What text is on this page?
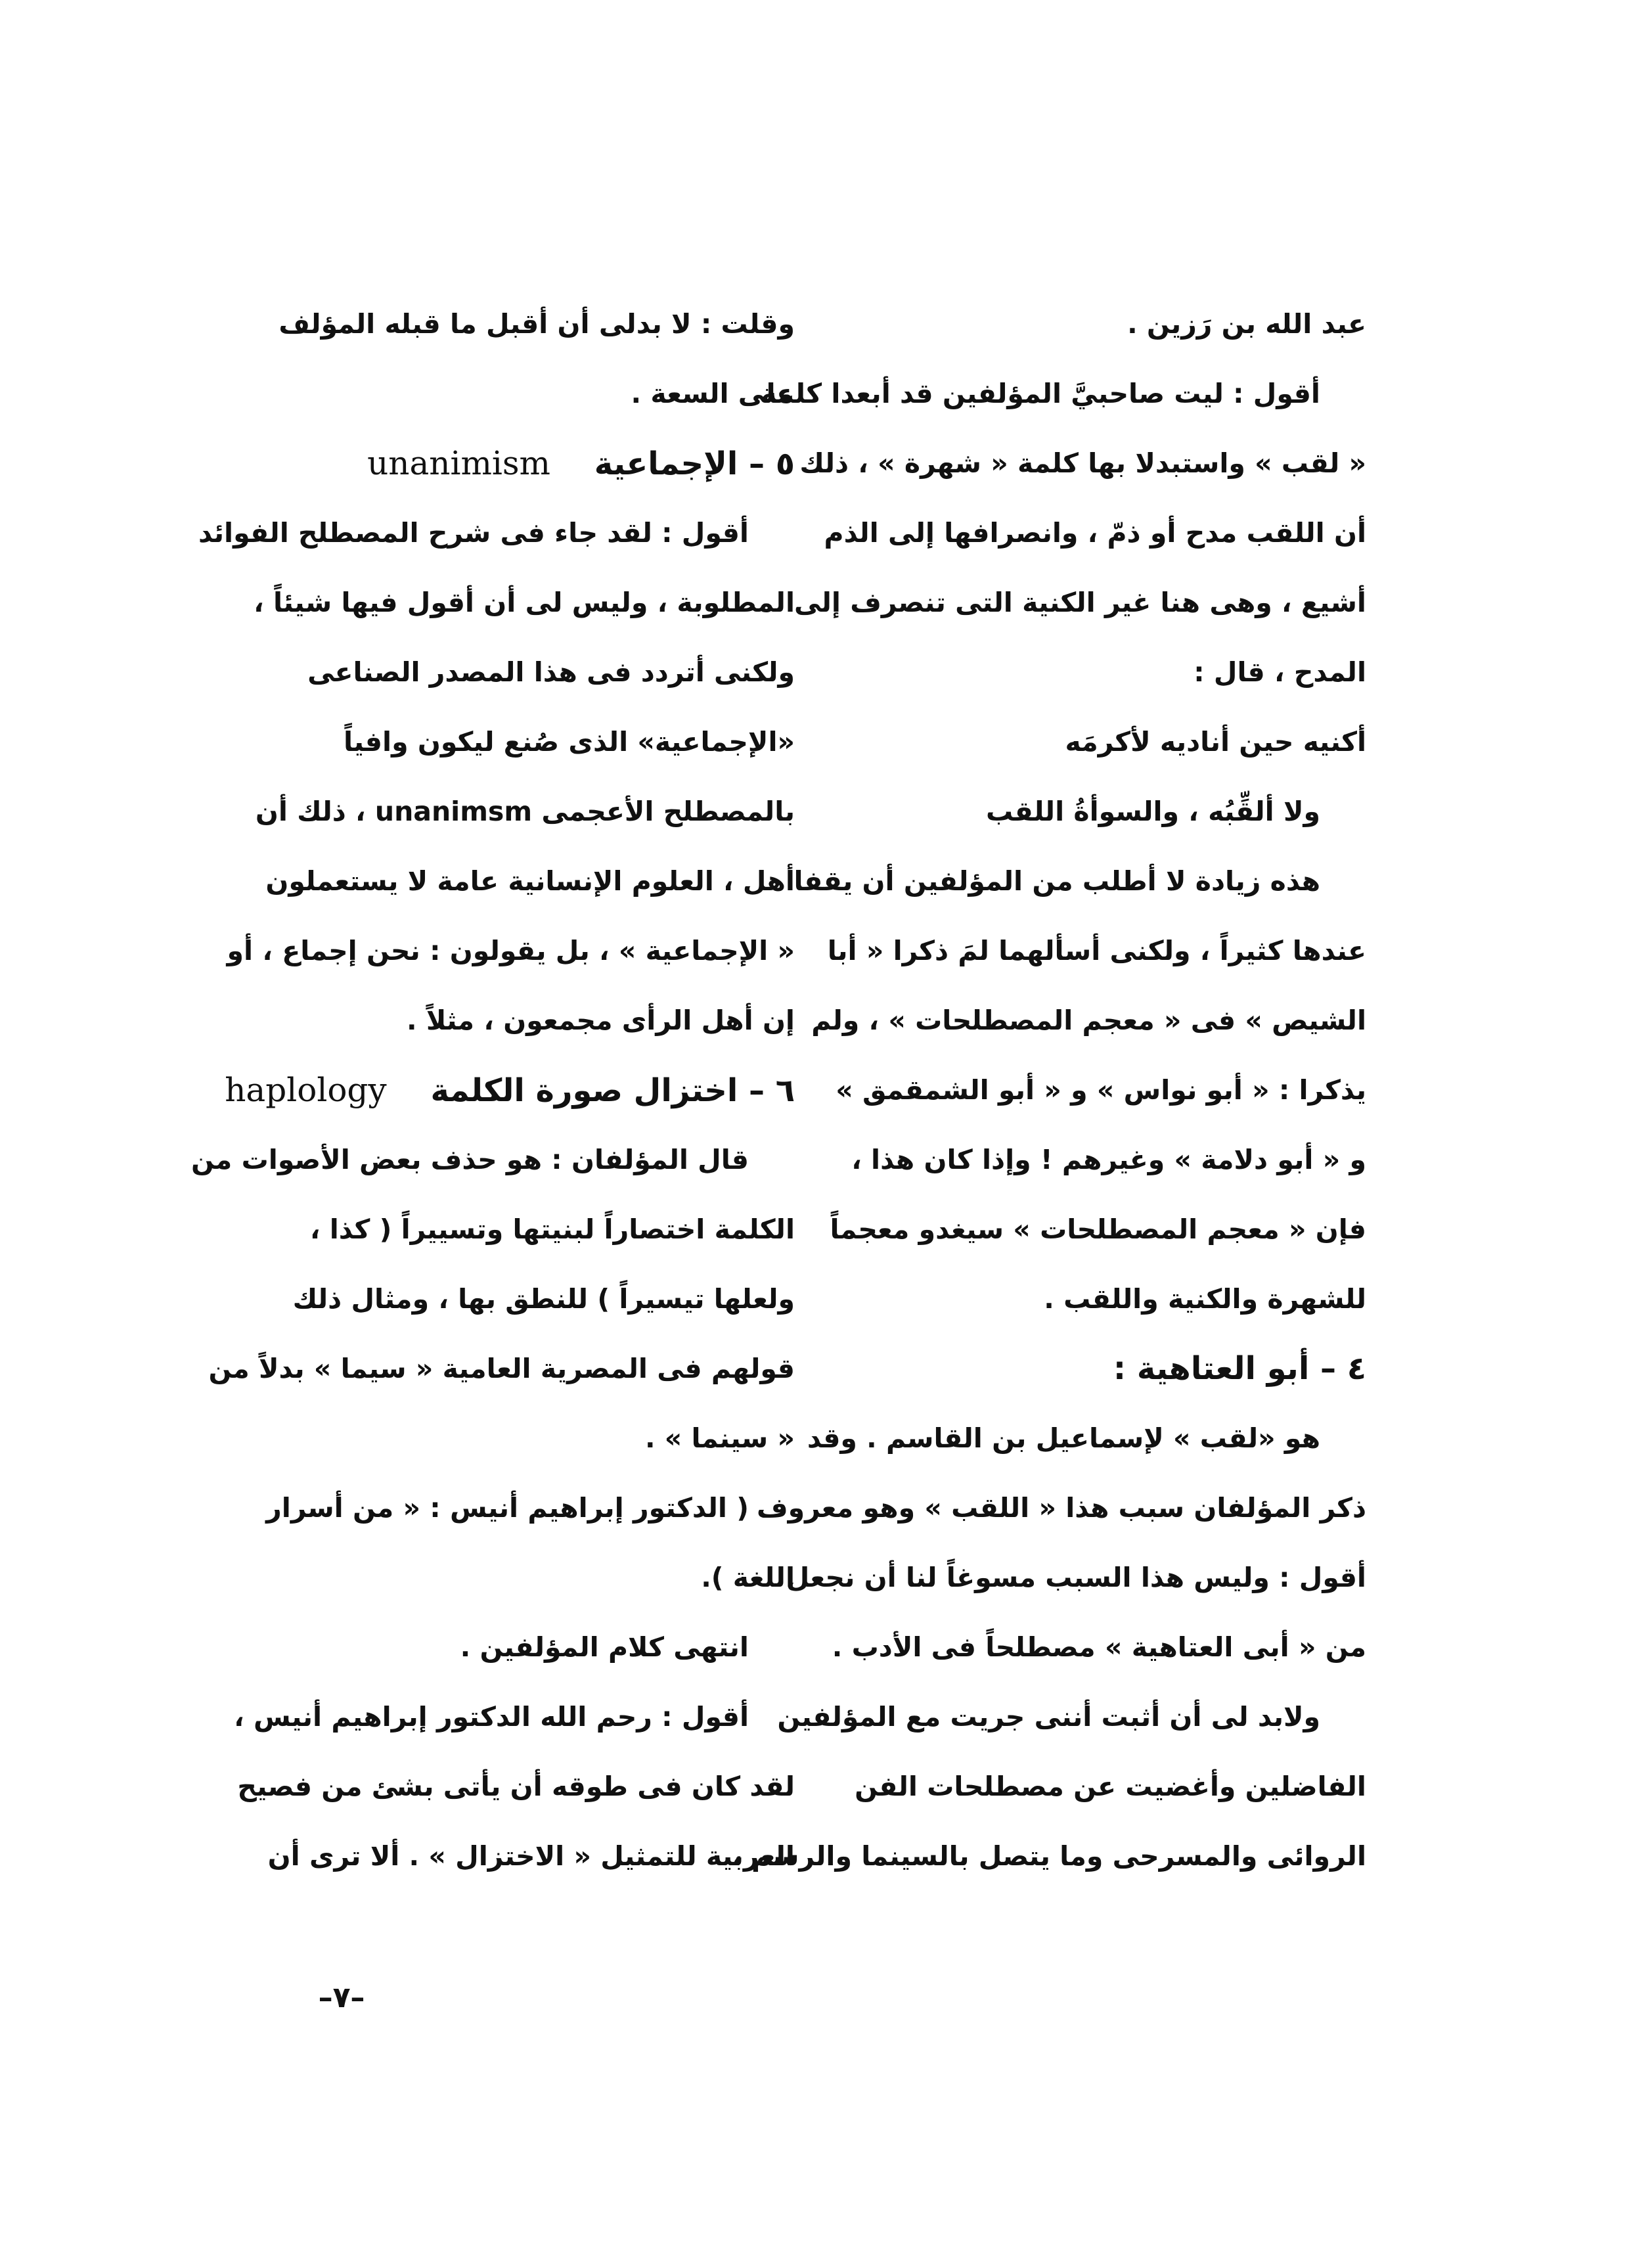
عبد الله بن رَزين .
أقول : ليت صاحبيَّ المؤلفين قد أبعدا كلمة
« لقب » واستبدلا بها كلمة « شهرة » ، ذلك
أن اللقب مدح أو ذمّ ، وانصرافها إلى الذم
أشيع ، وهى هنا غير الكنية التى تنصرف إلى
المدح ، قال :
أكنيه حين أناديه لأكرمَه
ولا ألقِّبُه ، والسوأةُ اللقب
هذه زيادة لا أطلب من المؤلفين أن يقفا
عندها كثيراً ، ولكنى أسألهما لمَ ذكرا « أبا
الشيص » فى « معجم المصطلحات » ، ولم
يذكرا : « أبو نواس » و « أبو الشمقمق »
و « أبو دلامة » وغيرهم ! وإذا كان هذا ،
فإن « معجم المصطلحات » سيغدو معجماً
للشهرة والكنية واللقب .
٤ – أبو العتاهية :
هو «لقب » لإسماعيل بن القاسم . وقد
ذكر المؤلفان سبب هذا « اللقب » وهو معروف
أقول : وليس هذا السبب مسوغاً لنا أن نجعل
من « أبى العتاهية » مصطلحاً فى الأدب .
ولابد لى أن أثبت أننى جريت مع المؤلفين
الفاضلين وأغضيت عن مصطلحات الفن
الروائى والمسرحى وما يتصل بالسينما والرسم ،
وقلت : لا بدلى أن أقبل ما قبله المؤلف
على السعة .
٥ – الإجماعية    unanimism
أقول : لقد جاء فى شرح المصطلح الفوائد
المطلوبة ، وليس لى أن أقول فيها شيئاً ،
ولكنى أتردد فى هذا المصدر الصناعى
«الإجماعية» الذى صُنع ليكون وافياً
بالمصطلح الأعجمى unanimsm ، ذلك أن
أهل ، العلوم الإنسانية عامة لا يستعملون
« الإجماعية » ، بل يقولون : نحن إجماع ، أو
إن أهل الرأى مجمعون ، مثلاً .
٦ – اختزال صورة الكلمة    haplology
قال المؤلفان : هو حذف بعض الأصوات من
الكلمة اختصاراً لبنيتها وتسييراً ( كذا ،
ولعلها تيسيراً ) للنطق بها ، ومثال ذلك
قولهم فى المصرية العامية « سيما » بدلاً من
« سينما » .
( الدكتور إبراهيم أنيس : « من أسرار
اللغة ).
انتهى كلام المؤلفين .
أقول : رحم الله الدكتور إبراهيم أنيس ،
لقد كان فى طوقه أن يأتى بشئ من فصيح
العربية للتمثيل « الاختزال » . ألا ترى أن
–٧–
